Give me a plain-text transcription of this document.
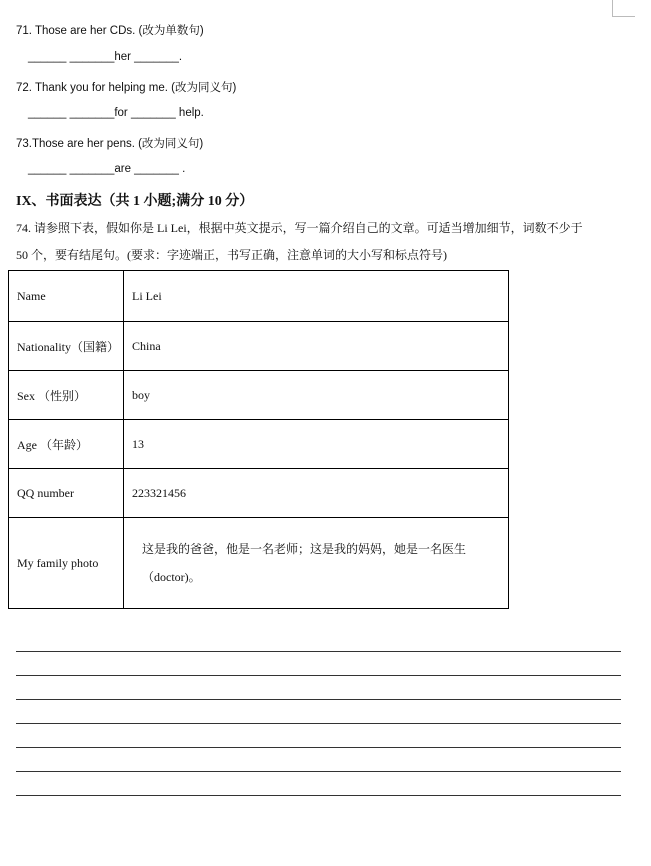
71. Those are her CDs. (改为单数句)
______ _______her _______.
72. Thank you for helping me. (改为同义句)
______ _______for _______ help.
73.Those are her pens. (改为同义句)
______ _______are _______ .
IX、书面表达（共 1 小题;满分 10 分）
74. 请参照下表，假如你是 Li Lei，根据中英文提示，写一篇介绍自己的文章。可适当增加细节，词数不少于
50 个，要有结尾句。(要求：字迹端正，书写正确，注意单词的大小写和标点符号)
Name	Li Lei
Nationality（国籍）	China
Sex （性别）	boy
Age （年龄）	13
QQ number	223321456
My family photo	这是我的爸爸，他是一名老师；这是我的妈妈，她是一名医生（doctor)。
